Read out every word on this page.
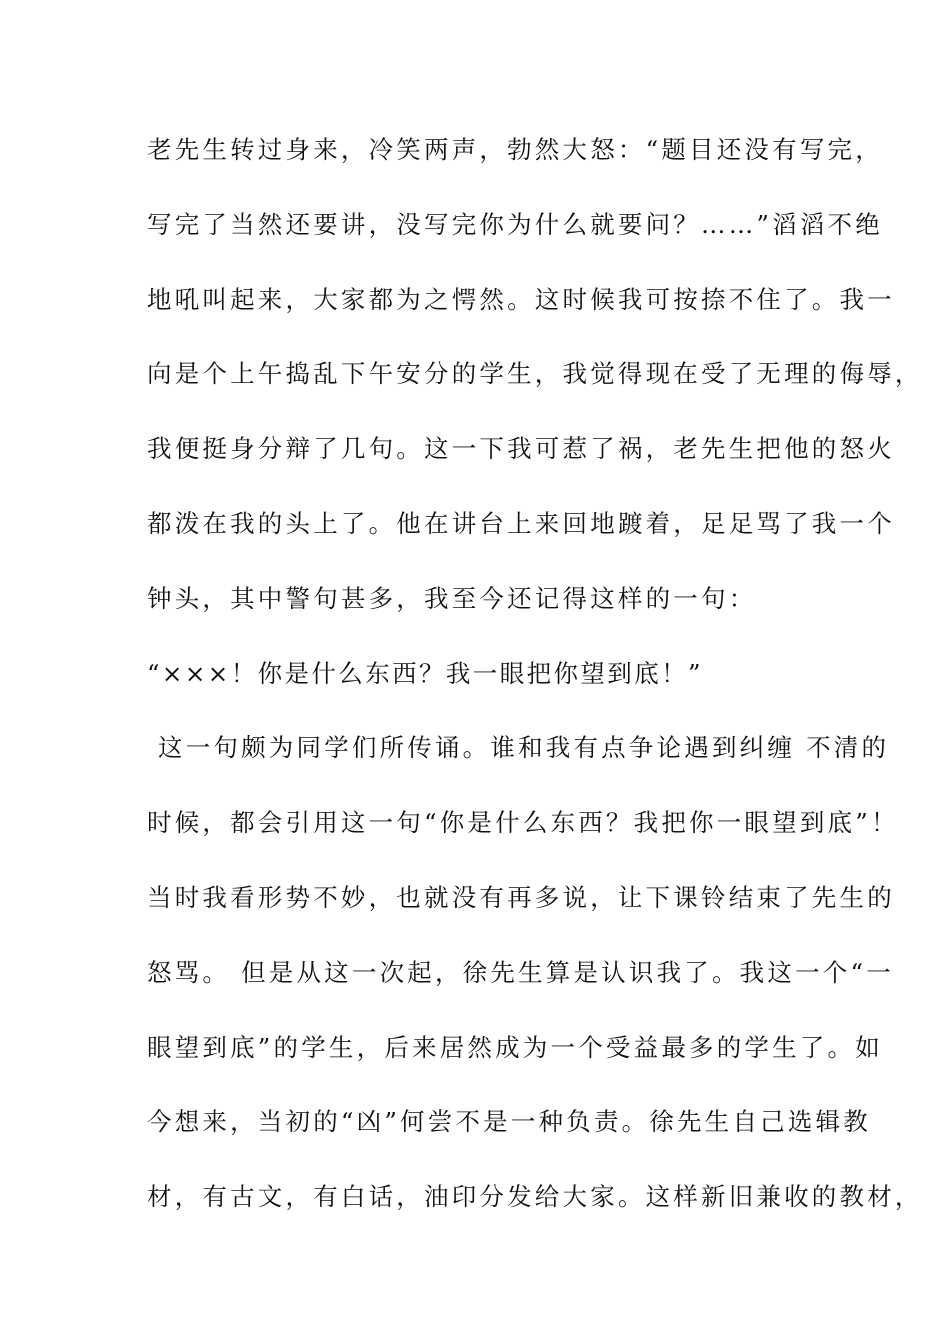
老先生转过身来，冷笑两声，勃然大怒：“题目还没有写完，
写完了当然还要讲，没写完你为什么就要问？……”滔滔不绝
地吼叫起来，大家都为之愕然。这时候我可按捺不住了。我一
向是个上午捣乱下午安分的学生，我觉得现在受了无理的侮辱，
我便挺身分辩了几句。这一下我可惹了祸，老先生把他的怒火
都泼在我的头上了。他在讲台上来回地踱着，足足骂了我一个
钟头，其中警句甚多，我至今还记得这样的一句：
“×××！你是什么东西？我一眼把你望到底！”
这一句颇为同学们所传诵。谁和我有点争论遇到纠缠 不清的
时候，都会引用这一句“你是什么东西？我把你一眼望到底”！
当时我看形势不妙，也就没有再多说，让下课铃结束了先生的
怒骂。 但是从这一次起，徐先生算是认识我了。我这一个“一
眼望到底”的学生，后来居然成为一个受益最多的学生了。如
今想来，当初的“凶”何尝不是一种负责。徐先生自己选辑教
材，有古文，有白话，油印分发给大家。这样新旧兼收的教材，
